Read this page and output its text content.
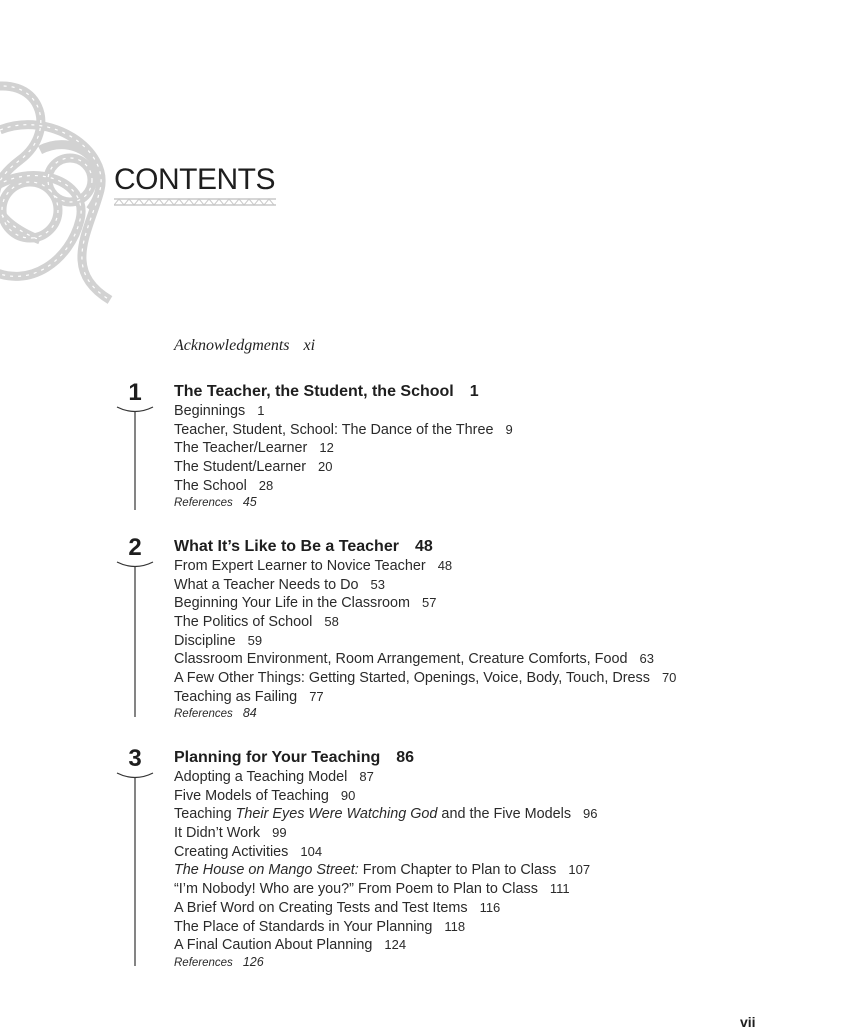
CONTENTS
Acknowledgments xi
1 The Teacher, the Student, the School 1
Beginnings 1
Teacher, Student, School: The Dance of the Three 9
The Teacher/Learner 12
The Student/Learner 20
The School 28
References 45
2 What It’s Like to Be a Teacher 48
From Expert Learner to Novice Teacher 48
What a Teacher Needs to Do 53
Beginning Your Life in the Classroom 57
The Politics of School 58
Discipline 59
Classroom Environment, Room Arrangement, Creature Comforts, Food 63
A Few Other Things: Getting Started, Openings, Voice, Body, Touch, Dress 70
Teaching as Failing 77
References 84
3 Planning for Your Teaching 86
Adopting a Teaching Model 87
Five Models of Teaching 90
Teaching Their Eyes Were Watching God and the Five Models 96
It Didn’t Work 99
Creating Activities 104
The House on Mango Street: From Chapter to Plan to Class 107
“I’m Nobody! Who are you?” From Poem to Plan to Class 111
A Brief Word on Creating Tests and Test Items 116
The Place of Standards in Your Planning 118
A Final Caution About Planning 124
References 126
vii
